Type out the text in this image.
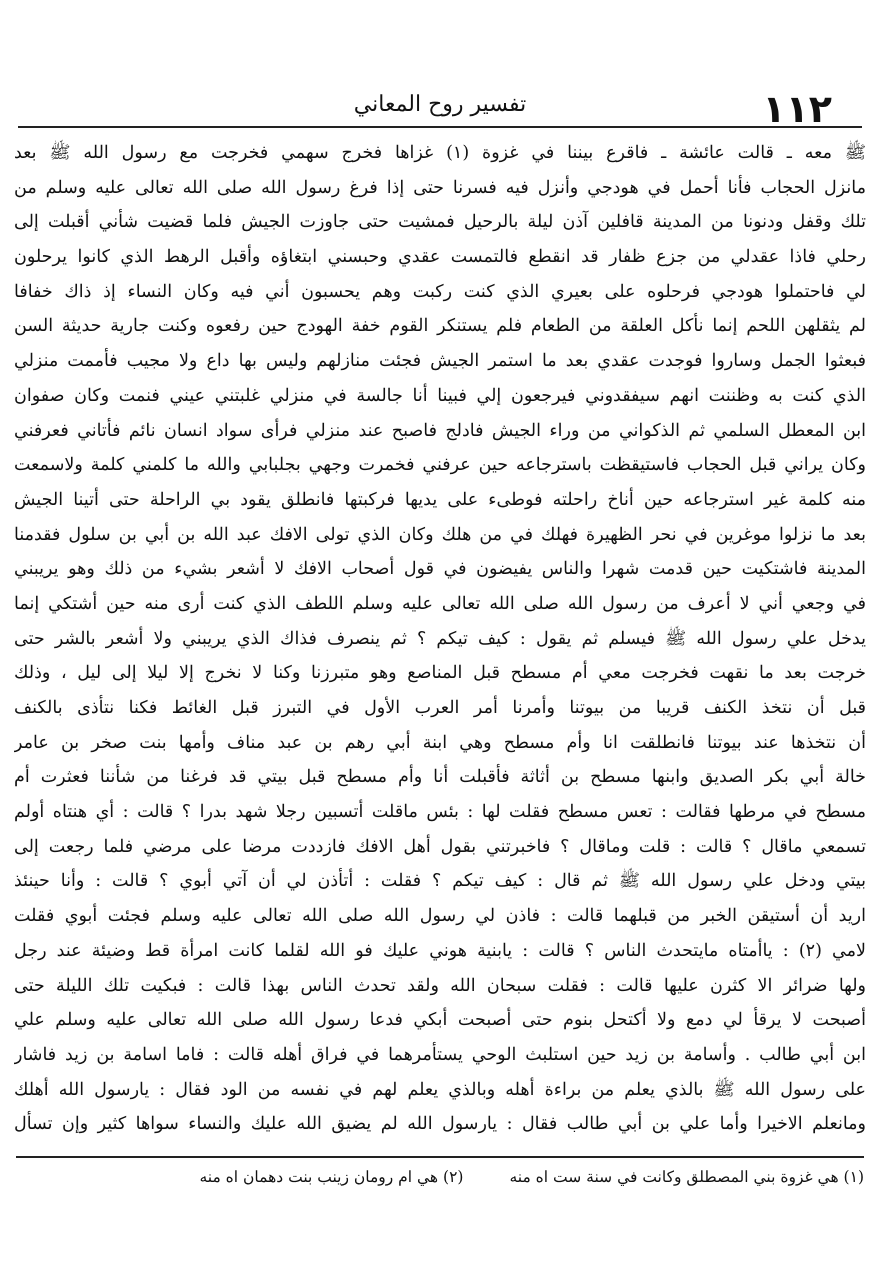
١١٢
تفسير روح المعاني
ﷺ معه ـ قالت عائشة ـ فاقرع بيننا في غزوة (١) غزاها فخرج سهمي فخرجت مع رسول الله ﷺ بعد
مانزل الحجاب فأنا أحمل في هودجي وأنزل فيه فسرنا حتى إذا فرغ رسول الله صلى الله تعالى عليه وسلم من
تلك وقفل ودنونا من المدينة قافلين آذن ليلة بالرحيل فمشيت حتى جاوزت الجيش فلما قضيت شأني أقبلت إلى
رحلي فاذا عقدلي من جزع ظفار قد انقطع فالتمست عقدي وحبسني ابتغاؤه وأقبل الرهط الذي كانوا يرحلون
لي فاحتملوا هودجي فرحلوه على بعيري الذي كنت ركبت وهم يحسبون أني فيه وكان النساء إذ ذاك خفافا
لم يثقلهن اللحم إنما نأكل العلقة من الطعام فلم يستنكر القوم خفة الهودج حين رفعوه وكنت جارية حديثة السن
فبعثوا الجمل وساروا فوجدت عقدي بعد ما استمر الجيش فجئت منازلهم وليس بها داع ولا مجيب فأممت منزلي
الذي كنت به وظننت انهم سيفقدوني فيرجعون إلي فبينا أنا جالسة في منزلي غلبتني عيني فنمت وكان صفوان
ابن المعطل السلمي ثم الذكواني من وراء الجيش فادلج فاصبح عند منزلي فرأى سواد انسان نائم فأتاني فعرفني
وكان يراني قبل الحجاب فاستيقظت باسترجاعه حين عرفني فخمرت وجهي بجلبابي والله ما كلمني كلمة ولاسمعت
منه كلمة غير استرجاعه حين أناخ راحلته فوطىء على يديها فركبتها فانطلق يقود بي الراحلة حتى أتينا الجيش
بعد ما نزلوا موغرين في نحر الظهيرة فهلك في من هلك وكان الذي تولى الافك عبد الله بن أبي بن سلول فقدمنا
المدينة فاشتكيت حين قدمت شهرا والناس يفيضون في قول أصحاب الافك لا أشعر بشيء من ذلك وهو يريبني
في وجعي أني لا أعرف من رسول الله صلى الله تعالى عليه وسلم اللطف الذي كنت أرى منه حين أشتكي إنما
يدخل علي رسول الله ﷺ فيسلم ثم يقول : كيف تيكم ؟ ثم ينصرف فذاك الذي يريبني ولا أشعر بالشر حتى
خرجت بعد ما نقهت فخرجت معي أم مسطح قبل المناصع وهو متبرزنا وكنا لا نخرج إلا ليلا إلى ليل ، وذلك
قبل أن نتخذ الكنف قريبا من بيوتنا وأمرنا أمر العرب الأول في التبرز قبل الغائط فكنا نتأذى بالكنف
أن نتخذها عند بيوتنا فانطلقت انا وأم مسطح وهي ابنة أبي رهم بن عبد مناف وأمها بنت صخر بن عامر
خالة أبي بكر الصديق وابنها مسطح بن أثاثة فأقبلت أنا وأم مسطح قبل بيتي قد فرغنا من شأننا فعثرت أم
مسطح في مرطها فقالت : تعس مسطح فقلت لها : بئس ماقلت أتسبين رجلا شهد بدرا ؟ قالت : أي هنتاه أولم
تسمعي ماقال ؟ قالت : قلت وماقال ؟ فاخبرتني بقول أهل الافك فازددت مرضا على مرضي فلما رجعت إلى
بيتي ودخل علي رسول الله ﷺ ثم قال : كيف تيكم ؟ فقلت : أتأذن لي أن آتي أبوي ؟ قالت : وأنا حينئذ
اريد أن أستيقن الخبر من قبلهما قالت : فاذن لي رسول الله صلى الله تعالى عليه وسلم فجئت أبوي فقلت
لامي (٢) : ياأمتاه مايتحدث الناس ؟ قالت : يابنية هوني عليك فو الله لقلما كانت امرأة قط وضيئة عند رجل
ولها ضرائر الا كثرن عليها قالت : فقلت سبحان الله ولقد تحدث الناس بهذا قالت : فبكيت تلك الليلة حتى
أصبحت لا يرقأ لي دمع ولا أكتحل بنوم حتى أصبحت أبكي فدعا رسول الله صلى الله تعالى عليه وسلم علي
ابن أبي طالب . وأسامة بن زيد حين استلبث الوحي يستأمرهما في فراق أهله قالت : فاما اسامة بن زيد فاشار
على رسول الله ﷺ بالذي يعلم من براءة أهله وبالذي يعلم لهم في نفسه من الود فقال : يارسول الله أهلك
ومانعلم الاخيرا وأما علي بن أبي طالب فقال : يارسول الله لم يضيق الله عليك والنساء سواها كثير وإن تسأل
(١) هي غزوة بني المصطلق وكانت في سنة ست اه منه
(٢) هي ام رومان زينب بنت دهمان اه منه
